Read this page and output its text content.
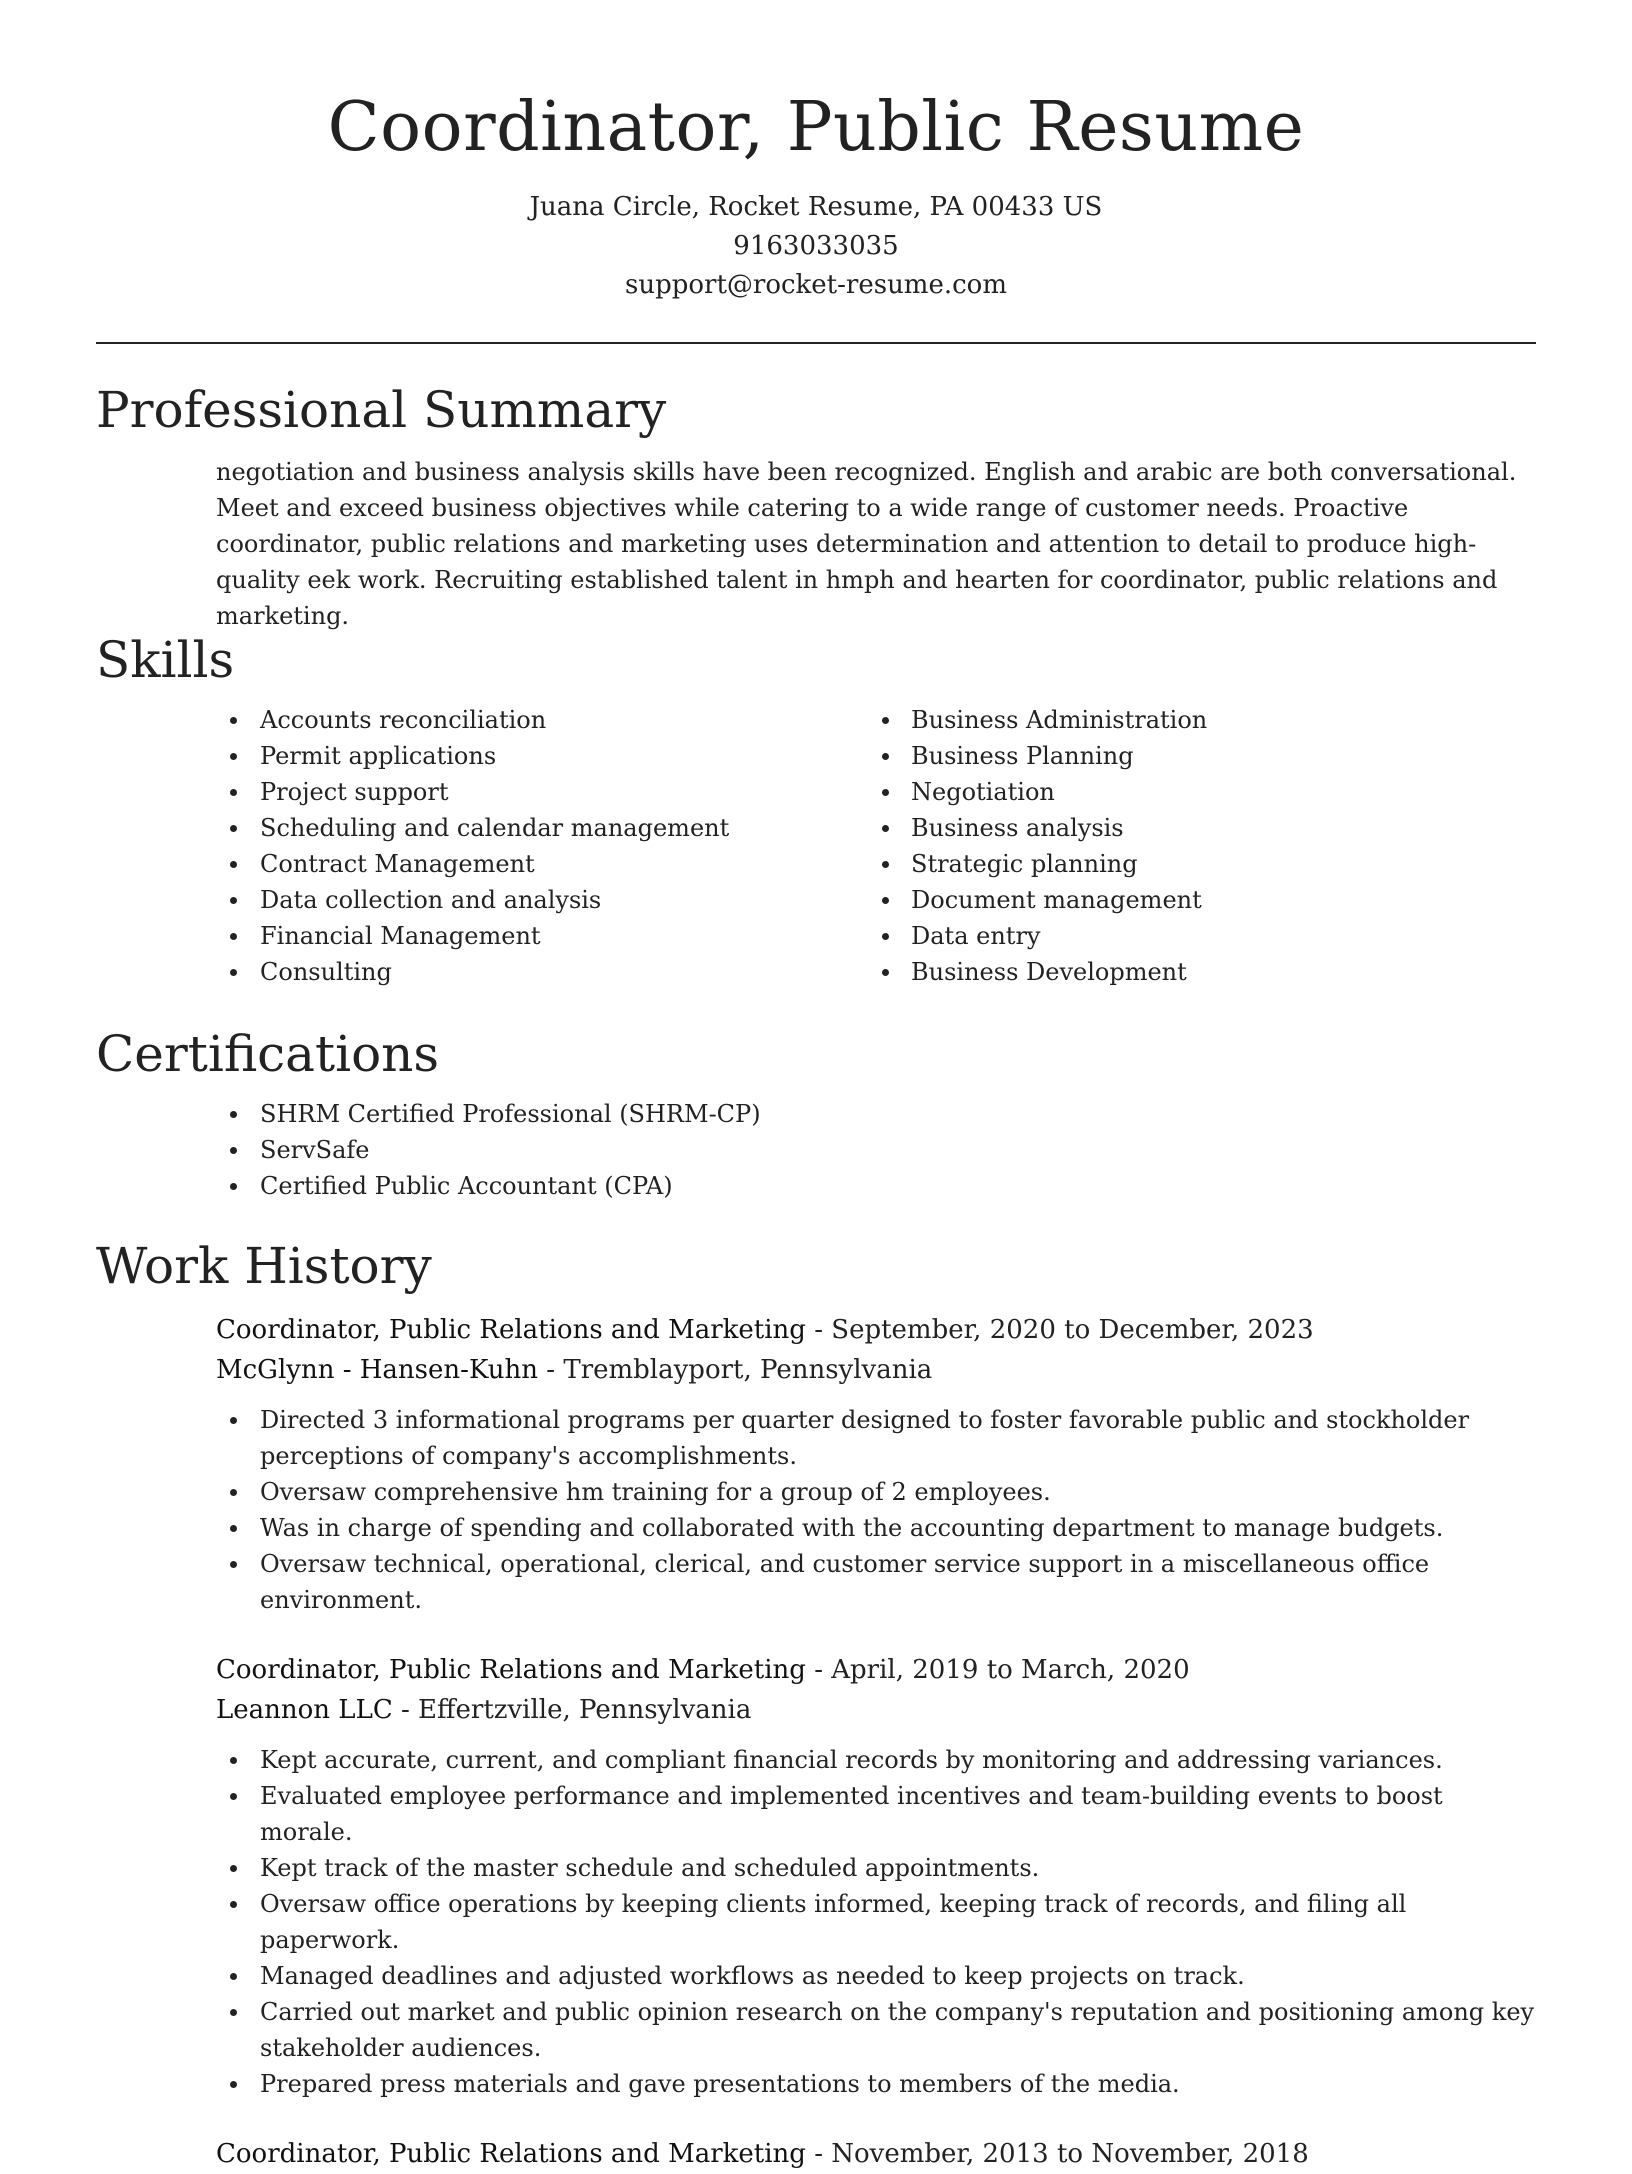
Coordinator, Public Resume
Juana Circle, Rocket Resume, PA 00433 US
9163033035
support@rocket-resume.com
Professional Summary
negotiation and business analysis skills have been recognized. English and arabic are both conversational. Meet and exceed business objectives while catering to a wide range of customer needs. Proactive coordinator, public relations and marketing uses determination and attention to detail to produce high-quality eek work. Recruiting established talent in hmph and hearten for coordinator, public relations and marketing.
Skills
Accounts reconciliation
Permit applications
Project support
Scheduling and calendar management
Contract Management
Data collection and analysis
Financial Management
Consulting
Business Administration
Business Planning
Negotiation
Business analysis
Strategic planning
Document management
Data entry
Business Development
Certifications
SHRM Certified Professional (SHRM-CP)
ServSafe
Certified Public Accountant (CPA)
Work History
Coordinator, Public Relations and Marketing - September, 2020 to December, 2023
McGlynn - Hansen-Kuhn - Tremblayport, Pennsylvania
Directed 3 informational programs per quarter designed to foster favorable public and stockholder perceptions of company's accomplishments.
Oversaw comprehensive hm training for a group of 2 employees.
Was in charge of spending and collaborated with the accounting department to manage budgets.
Oversaw technical, operational, clerical, and customer service support in a miscellaneous office environment.
Coordinator, Public Relations and Marketing - April, 2019 to March, 2020
Leannon LLC - Effertzville, Pennsylvania
Kept accurate, current, and compliant financial records by monitoring and addressing variances.
Evaluated employee performance and implemented incentives and team-building events to boost morale.
Kept track of the master schedule and scheduled appointments.
Oversaw office operations by keeping clients informed, keeping track of records, and filing all paperwork.
Managed deadlines and adjusted workflows as needed to keep projects on track.
Carried out market and public opinion research on the company's reputation and positioning among key stakeholder audiences.
Prepared press materials and gave presentations to members of the media.
Coordinator, Public Relations and Marketing - November, 2013 to November, 2018
